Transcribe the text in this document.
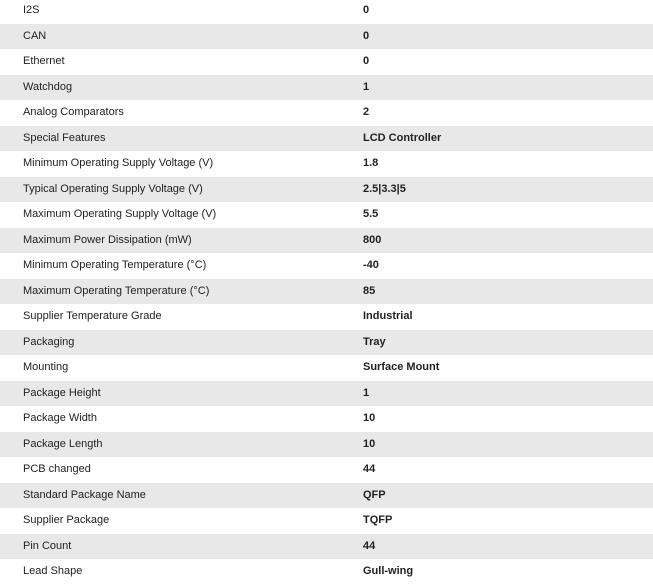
I2S	0
CAN	0
Ethernet	0
Watchdog	1
Analog Comparators	2
Special Features	LCD Controller
Minimum Operating Supply Voltage (V)	1.8
Typical Operating Supply Voltage (V)	2.5|3.3|5
Maximum Operating Supply Voltage (V)	5.5
Maximum Power Dissipation (mW)	800
Minimum Operating Temperature (°C)	-40
Maximum Operating Temperature (°C)	85
Supplier Temperature Grade	Industrial
Packaging	Tray
Mounting	Surface Mount
Package Height	1
Package Width	10
Package Length	10
PCB changed	44
Standard Package Name	QFP
Supplier Package	TQFP
Pin Count	44
Lead Shape	Gull-wing
